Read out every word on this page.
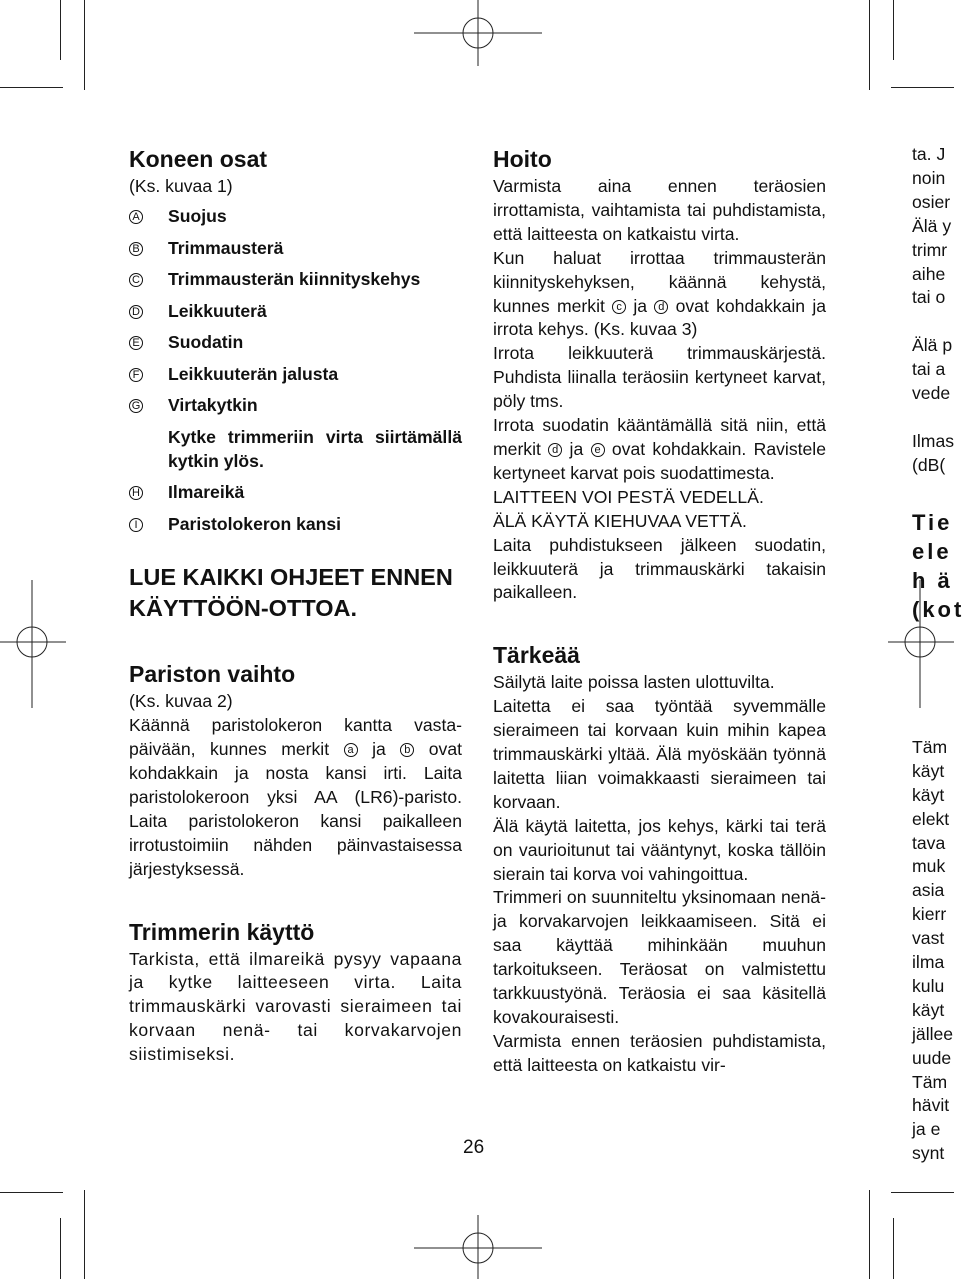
Koneen osat

(Ks. kuvaa 1)

A	Suojus
B	Trimmausterä
C	Trimmausterän kiinnityskehys
D	Leikkuuterä
E	Suodatin
F	Leikkuuterän jalusta
G	Virtakytkin
Kytke trimmeriin virta siirtämällä kytkin ylös.
H	Ilmareikä
I	Paristolokeron kansi
LUE KAIKKI OHJEET ENNEN KÄYTTÖÖN-OTTOA.
Pariston vaihto

(Ks. kuvaa 2)

Käännä paristolokeron kantta vasta-päivään, kunnes merkit a ja b ovat kohdakkain ja nosta kansi irti. Laita paristolokeroon yksi AA (LR6)-paristo. Laita paristolokeron kansi paikalleen irrotustoimiin nähden päinvastaisessa järjestyksessä.

Trimmerin käyttö

Tarkista, että ilmareikä pysyy vapaana ja kytke laitteeseen virta. Laita trimmauskärki varovasti sieraimeen tai korvaan nenä- tai korvakarvojen siistimiseksi.

Hoito

Varmista aina ennen teräosien irrottamista, vaihtamista tai puhdistamista, että laitteesta on katkaistu virta.

Kun haluat irrottaa trimmausterän kiinnityskehyksen, käännä kehystä, kunnes merkit c ja d ovat kohdakkain ja irrota kehys. (Ks. kuvaa 3)

Irrota leikkuuterä trimmauskärjestä. Puhdista liinalla teräosiin kertyneet karvat, pöly tms.

Irrota suodatin kääntämällä sitä niin, että merkit d ja e ovat kohdakkain. Ravistele kertyneet karvat pois suodattimesta.

LAITTEEN VOI PESTÄ VEDELLÄ.

ÄLÄ KÄYTÄ KIEHUVAA VETTÄ.

Laita puhdistukseen jälkeen suodatin, leikkuuterä ja trimmauskärki takaisin paikalleen.

Tärkeää

Säilytä laite poissa lasten ulottuvilta.

Laitetta ei saa työntää syvemmälle sieraimeen tai korvaan kuin mihin kapea trimmauskärki yltää. Älä myöskään työnnä laitetta liian voimakkaasti sieraimeen tai korvaan.

Älä käytä laitetta, jos kehys, kärki tai terä on vaurioitunut tai vääntynyt, koska tällöin sierain tai korva voi vahingoittua.

Trimmeri on suunniteltu yksinomaan nenä- ja korvakarvojen leikkaamiseen. Sitä ei saa käyttää mihinkään muuhun tarkoitukseen. Teräosat on valmistettu tarkkuustyönä. Teräosia ei saa käsitellä kovakouraisesti.

Varmista ennen teräosien puhdistamista, että laitteesta on katkaistu vir-

ta. J

noin

osier

Älä y

trimr

aihe

tai o

Älä p

tai a

vede

Ilmas

(dB(

Tie
ele
h ä
(kot

Täm

käyt

käyt

elekt

tava

muk

asia

kierr

vast

ilma

kulu

käyt

jällee

uude

Täm

hävit

ja e

synt

26
